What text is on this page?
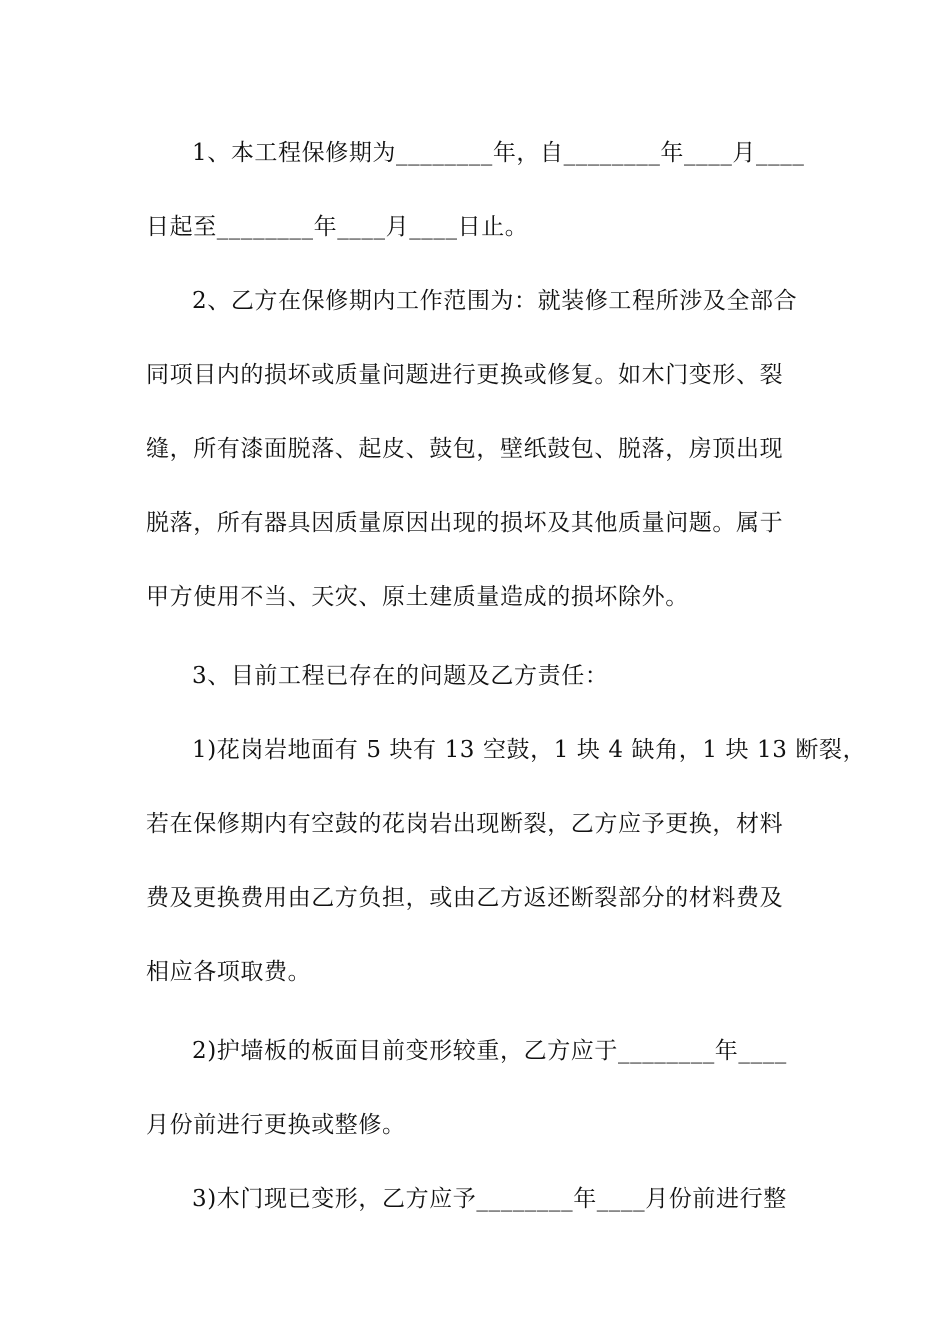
1、本工程保修期为________年，自________年____月____

日起至________年____月____日止。

2、乙方在保修期内工作范围为：就装修工程所涉及全部合

同项目内的损坏或质量问题进行更换或修复。如木门变形、裂

缝，所有漆面脱落、起皮、鼓包，壁纸鼓包、脱落，房顶出现

脱落，所有器具因质量原因出现的损坏及其他质量问题。属于

甲方使用不当、天灾、原土建质量造成的损坏除外。

3、目前工程已存在的问题及乙方责任：

1)花岗岩地面有 5 块有 13 空鼓，1 块 4 缺角，1 块 13 断裂，

若在保修期内有空鼓的花岗岩出现断裂，乙方应予更换，材料

费及更换费用由乙方负担，或由乙方返还断裂部分的材料费及

相应各项取费。

2)护墙板的板面目前变形较重，乙方应于________年____

月份前进行更换或整修。

3)木门现已变形，乙方应予________年____月份前进行整
